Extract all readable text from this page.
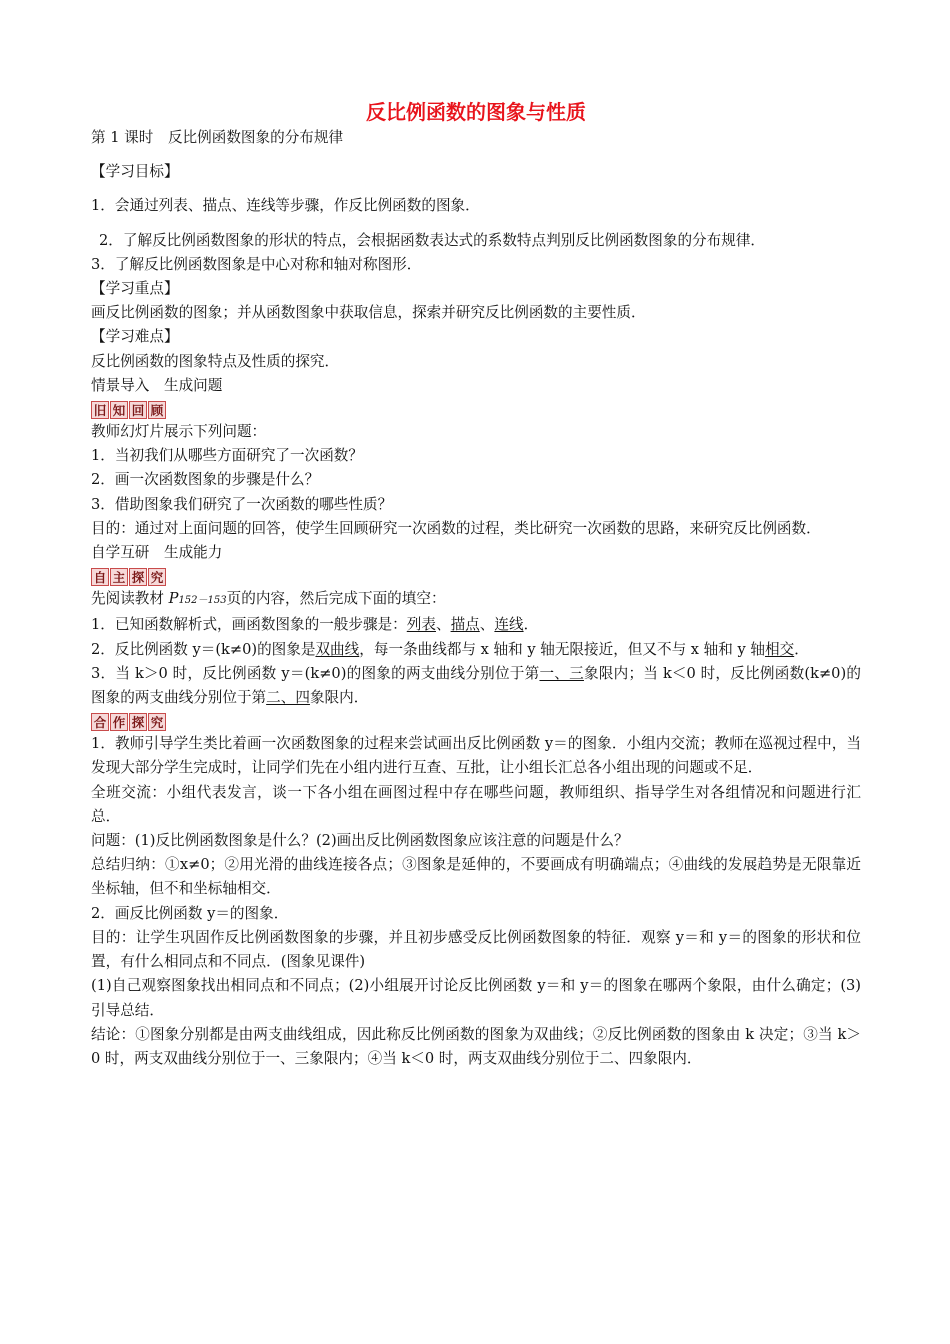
反比例函数的图象与性质

第 1 课时　反比例函数图象的分布规律

【学习目标】

1．会通过列表、描点、连线等步骤，作反比例函数的图象．

2．了解反比例函数图象的形状的特点，会根据函数表达式的系数特点判别反比例函数图象的分布规律．

3．了解反比例函数图象是中心对称和轴对称图形．

【学习重点】

画反比例函数的图象；并从函数图象中获取信息，探索并研究反比例函数的主要性质．

【学习难点】

反比例函数的图象特点及性质的探究．

情景导入　生成问题

旧 知 回 顾

教师幻灯片展示下列问题：

1．当初我们从哪些方面研究了一次函数？

2．画一次函数图象的步骤是什么？

3．借助图象我们研究了一次函数的哪些性质？

目的：通过对上面问题的回答，使学生回顾研究一次函数的过程，类比研究一次函数的思路，来研究反比例函数．

自学互研　生成能力

自 主 探 究

先阅读教材 P152－153页的内容，然后完成下面的填空：

1．已知函数解析式，画函数图象的一般步骤是：列表、描点、连线．

2．反比例函数 y＝(k≠0)的图象是双曲线，每一条曲线都与 x 轴和 y 轴无限接近，但又不与 x 轴和 y 轴相交．

3．当 k＞0 时，反比例函数 y＝(k≠0)的图象的两支曲线分别位于第一、三象限内；当 k＜0 时，反比例函数(k≠0)的图象的两支曲线分别位于第二、四象限内．

合 作 探 究

1．教师引导学生类比着画一次函数图象的过程来尝试画出反比例函数 y＝的图象．小组内交流；教师在巡视过程中，当发现大部分学生完成时，让同学们先在小组内进行互查、互批，让小组长汇总各小组出现的问题或不足．

全班交流：小组代表发言，谈一下各小组在画图过程中存在哪些问题，教师组织、指导学生对各组情况和问题进行汇总．

问题：(1)反比例函数图象是什么？(2)画出反比例函数图象应该注意的问题是什么？

总结归纳：①x≠0；②用光滑的曲线连接各点；③图象是延伸的，不要画成有明确端点；④曲线的发展趋势是无限靠近坐标轴，但不和坐标轴相交．

2．画反比例函数 y＝的图象．

目的：让学生巩固作反比例函数图象的步骤，并且初步感受反比例函数图象的特征．观察 y＝和 y＝的图象的形状和位置，有什么相同点和不同点．(图象见课件)

(1)自己观察图象找出相同点和不同点；(2)小组展开讨论反比例函数 y＝和 y＝的图象在哪两个象限，由什么确定；(3)引导总结．

结论：①图象分别都是由两支曲线组成，因此称反比例函数的图象为双曲线；②反比例函数的图象由 k 决定；③当 k＞0 时，两支双曲线分别位于一、三象限内；④当 k＜0 时，两支双曲线分别位于二、四象限内．
